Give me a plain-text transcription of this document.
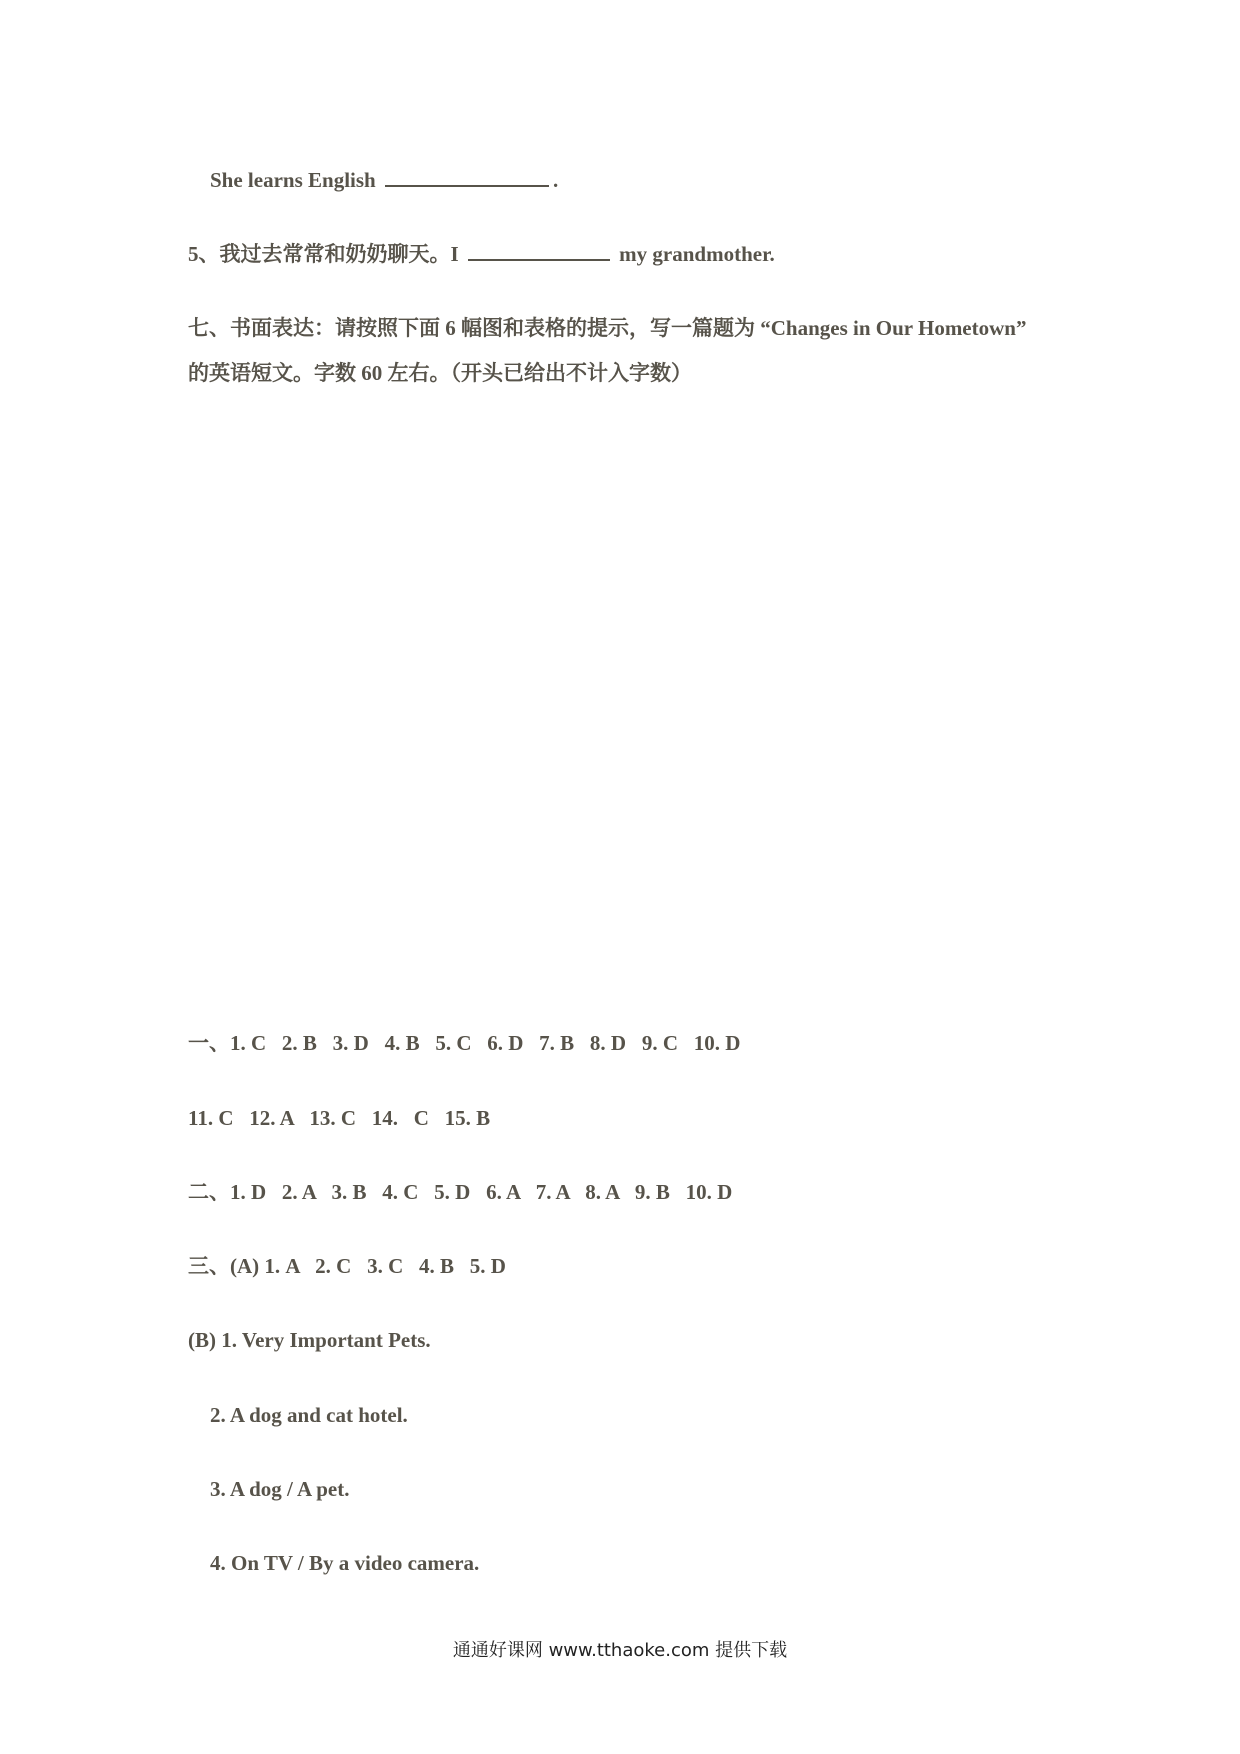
She learns English	.
5、我过去常常和奶奶聊天。I	my grandmother.
七、书面表达：请按照下面 6 幅图和表格的提示，写一篇题为 “Changes in Our Hometown”
的英语短文。字数 60 左右。（开头已给出不计入字数）
一、1. C   2. B   3. D   4. B   5. C   6. D   7. B   8. D   9. C   10. D
11. C   12. A   13. C   14.   C   15. B
二、1. D   2. A   3. B   4. C   5. D   6. A   7. A   8. A   9. B   10. D
三、(A) 1. A   2. C   3. C   4. B   5. D
(B) 1. Very Important Pets.
2. A dog and cat hotel.
3. A dog / A pet.
4. On TV / By a video camera.
通通好课网 www.tthaoke.com 提供下载
